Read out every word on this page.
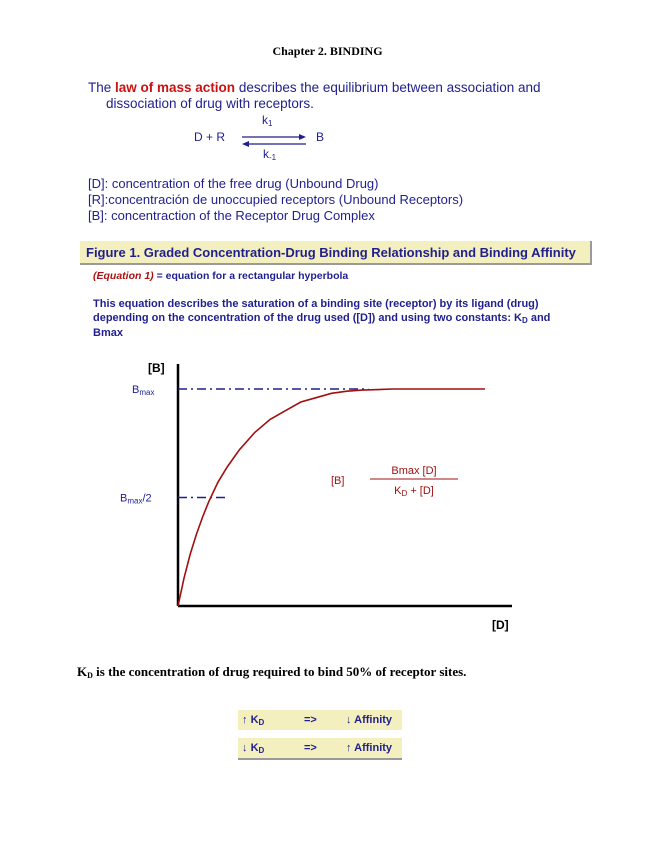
Chapter 2. BINDING
The law of mass action describes the equilibrium between association and
dissociation of drug with receptors.
D + R	B
$k_1$
$k_{-1}$
[D]: concentration of the free drug (Unbound Drug)
[R]:concentración de unoccupied receptors (Unbound Receptors)
[B]: concentraction of the Receptor Drug Complex
Figure 1. Graded Concentration-Drug Binding Relationship and Binding Affinity
(Equation 1) = equation for a rectangular hyperbola
This equation describes the saturation of a binding site (receptor) by its ligand (drug) depending on the concentration of the drug used ([D]) and using two constants: $K_D$ and Bmax
[B]
[D]
Bmax
Bmax/2
[B]
Bmax [D]
KD + [D]
$K_D$ is the concentration of drug required to bind 50% of receptor sites.
↑ $K_D$	=>	↓ Affinity
↓ $K_D$	=>	↑ Affinity
